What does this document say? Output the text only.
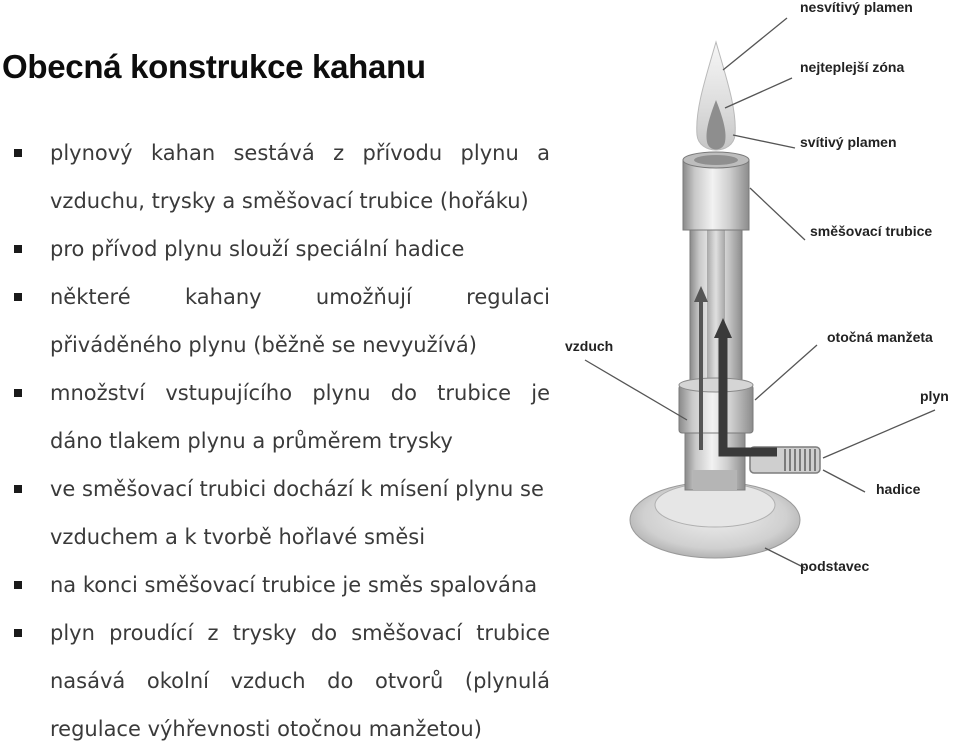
Obecná konstrukce kahanu
plynový kahan sestává z přívodu plynu a
vzduchu, trysky a směšovací trubice (hořáku)
pro přívod plynu slouží speciální hadice
některé kahany umožňují regulaci
přiváděného plynu (běžně se nevyužívá)
množství vstupujícího plynu do trubice je
dáno tlakem plynu a průměrem trysky
ve směšovací trubici dochází k mísení plynu se
vzduchem a k tvorbě hořlavé směsi
na konci směšovací trubice je směs spalována
plyn proudící z trysky do směšovací trubice
nasává okolní vzduch do otvorů (plynulá
regulace výhřevnosti otočnou manžetou)
nesvítivý plamen
nejteplejší zóna
svítivý plamen
směšovací trubice
otočná manžeta
vzduch
plyn
hadice
podstavec
